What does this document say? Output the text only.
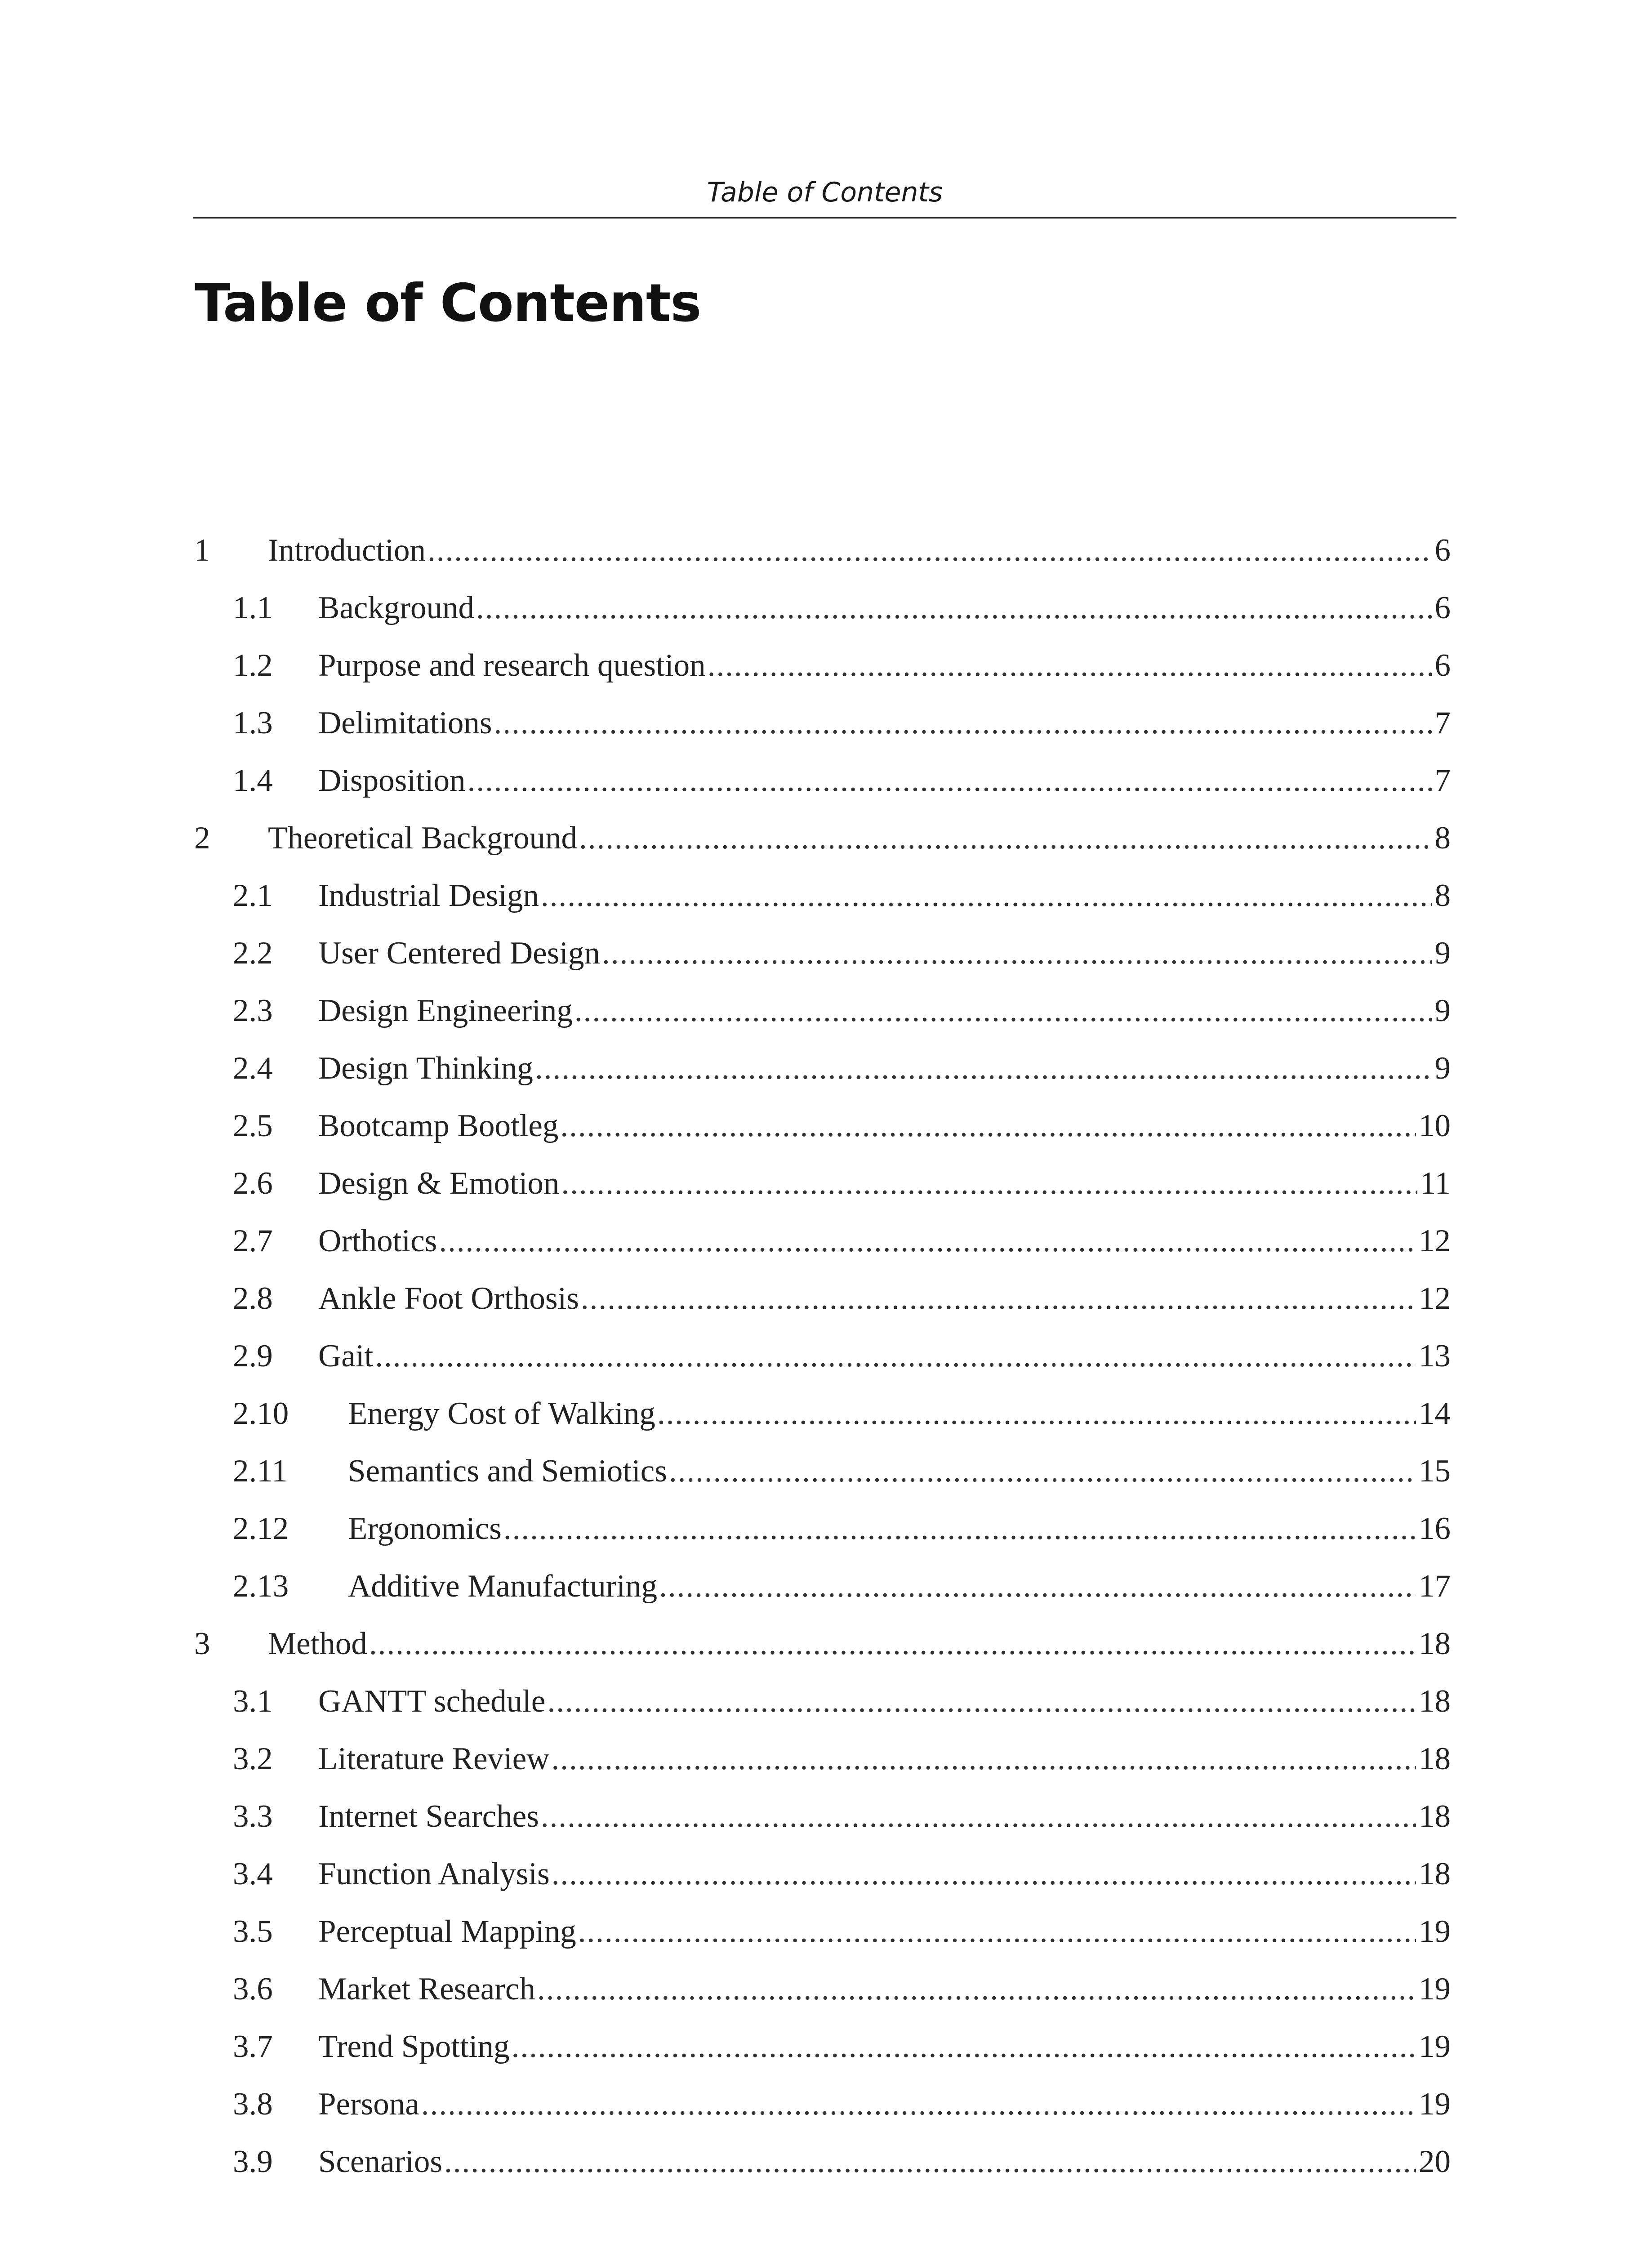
Table of Contents
Table of Contents
1	Introduction .....	6
1.1	Background .....	6
1.2	Purpose and research question .....	6
1.3	Delimitations .....	7
1.4	Disposition .....	7
2	Theoretical Background .....	8
2.1	Industrial Design .....	8
2.2	User Centered Design .....	9
2.3	Design Engineering .....	9
2.4	Design Thinking .....	9
2.5	Bootcamp Bootleg .....	10
2.6	Design & Emotion .....	11
2.7	Orthotics .....	12
2.8	Ankle Foot Orthosis .....	12
2.9	Gait .....	13
2.10	Energy Cost of Walking .....	14
2.11	Semantics and Semiotics .....	15
2.12	Ergonomics .....	16
2.13	Additive Manufacturing .....	17
3	Method .....	18
3.1	GANTT schedule .....	18
3.2	Literature Review .....	18
3.3	Internet Searches .....	18
3.4	Function Analysis .....	18
3.5	Perceptual Mapping .....	19
3.6	Market Research .....	19
3.7	Trend Spotting .....	19
3.8	Persona .....	19
3.9	Scenarios .....	20
